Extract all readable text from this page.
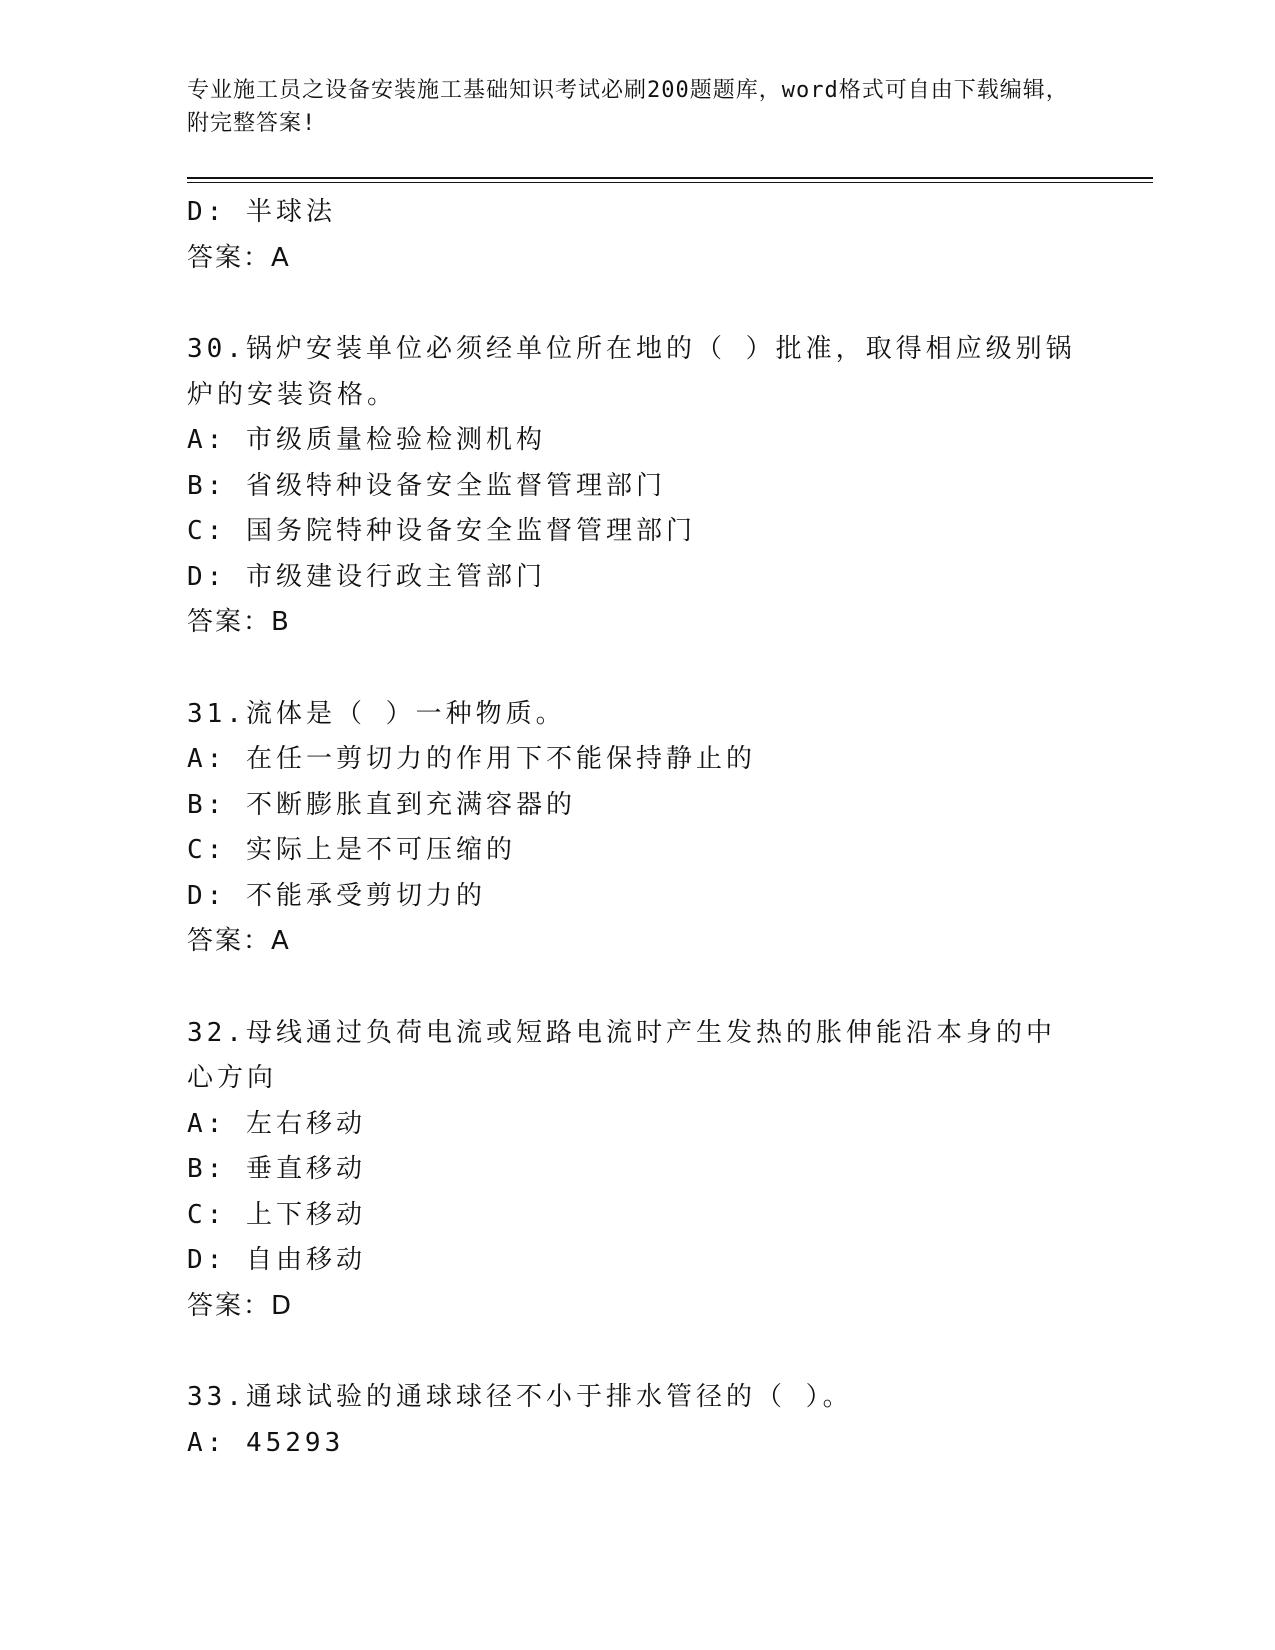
专业施工员之设备安装施工基础知识考试必刷200题题库，word格式可自由下载编辑，附完整答案!
D: 半球法
答案：A
30.锅炉安装单位必须经单位所在地的（ ）批准，取得相应级别锅炉的安装资格。
A: 市级质量检验检测机构
B: 省级特种设备安全监督管理部门
C: 国务院特种设备安全监督管理部门
D: 市级建设行政主管部门
答案：B
31.流体是（ ）一种物质。
A: 在任一剪切力的作用下不能保持静止的
B: 不断膨胀直到充满容器的
C: 实际上是不可压缩的
D: 不能承受剪切力的
答案：A
32.母线通过负荷电流或短路电流时产生发热的胀伸能沿本身的中心方向
A: 左右移动
B: 垂直移动
C: 上下移动
D: 自由移动
答案：D
33.通球试验的通球球径不小于排水管径的（ ）。
A: 45293
